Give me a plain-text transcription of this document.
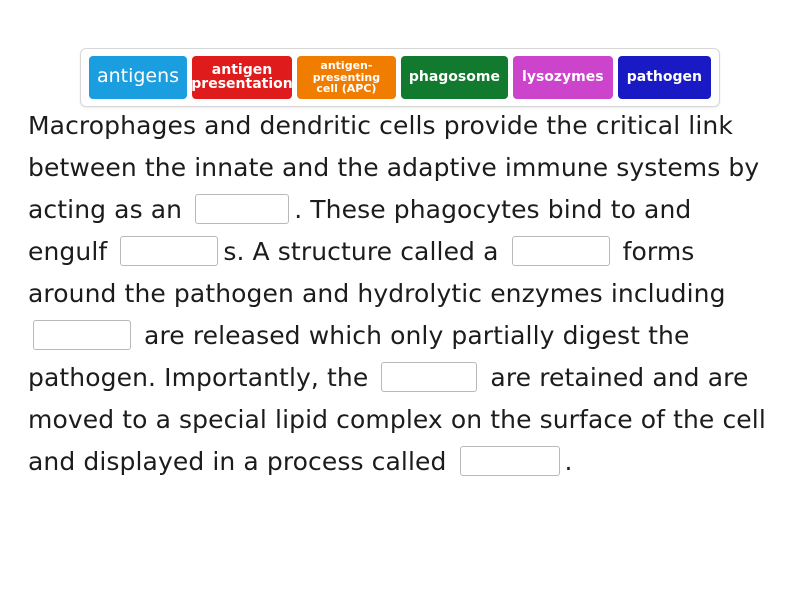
antigens	antigen
presentation
antigen-presenting
cell (APC)
phagosome	lysozymes	pathogen
Macrophages and dendritic cells provide the critical link between the innate and the adaptive immune systems by acting as an	. These phagocytes bind to and engulf	s. A structure called a	forms around the pathogen and hydrolytic enzymes including  are released which only partially digest the pathogen. Importantly, the	are retained and are moved to a special lipid complex on the surface of the cell and displayed in a process called	.
